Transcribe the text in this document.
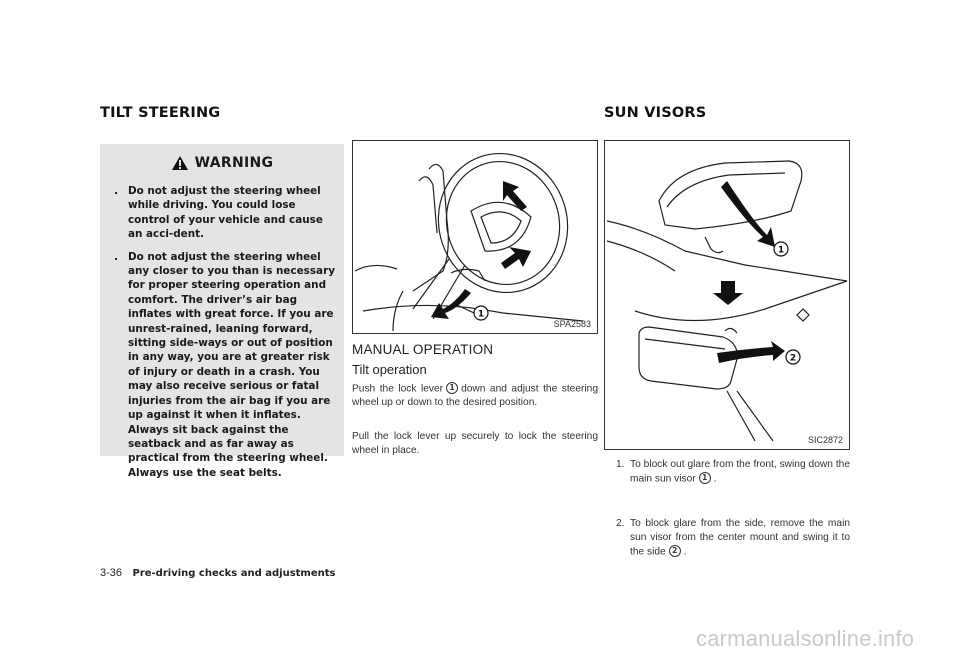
TILT STEERING	SUN VISORS
WARNING
. Do not adjust the steering wheel while driving. You could lose control of your vehicle and cause an acci-dent.
. Do not adjust the steering wheel any closer to you than is necessary for proper steering operation and comfort. The driver’s air bag inflates with great force. If you are unrest-rained, leaning forward, sitting side-ways or out of position in any way, you are at greater risk of injury or death in a crash. You may also receive serious or fatal injuries from the air bag if you are up against it when it inflates. Always sit back against the seatback and as far away as practical from the steering wheel. Always use the seat belts.
1
SPA2583
MANUAL OPERATION
Tilt operation
Push the lock lever 1 down and adjust the steering wheel up or down to the desired position.
Pull the lock lever up securely to lock the steering wheel in place.
1
2
SIC2872
1. To block out glare from the front, swing down the main sun visor 1 .
2. To block glare from the side, remove the main sun visor from the center mount and swing it to the side 2 .
3-36 Pre-driving checks and adjustments
carmanualsonline.info
